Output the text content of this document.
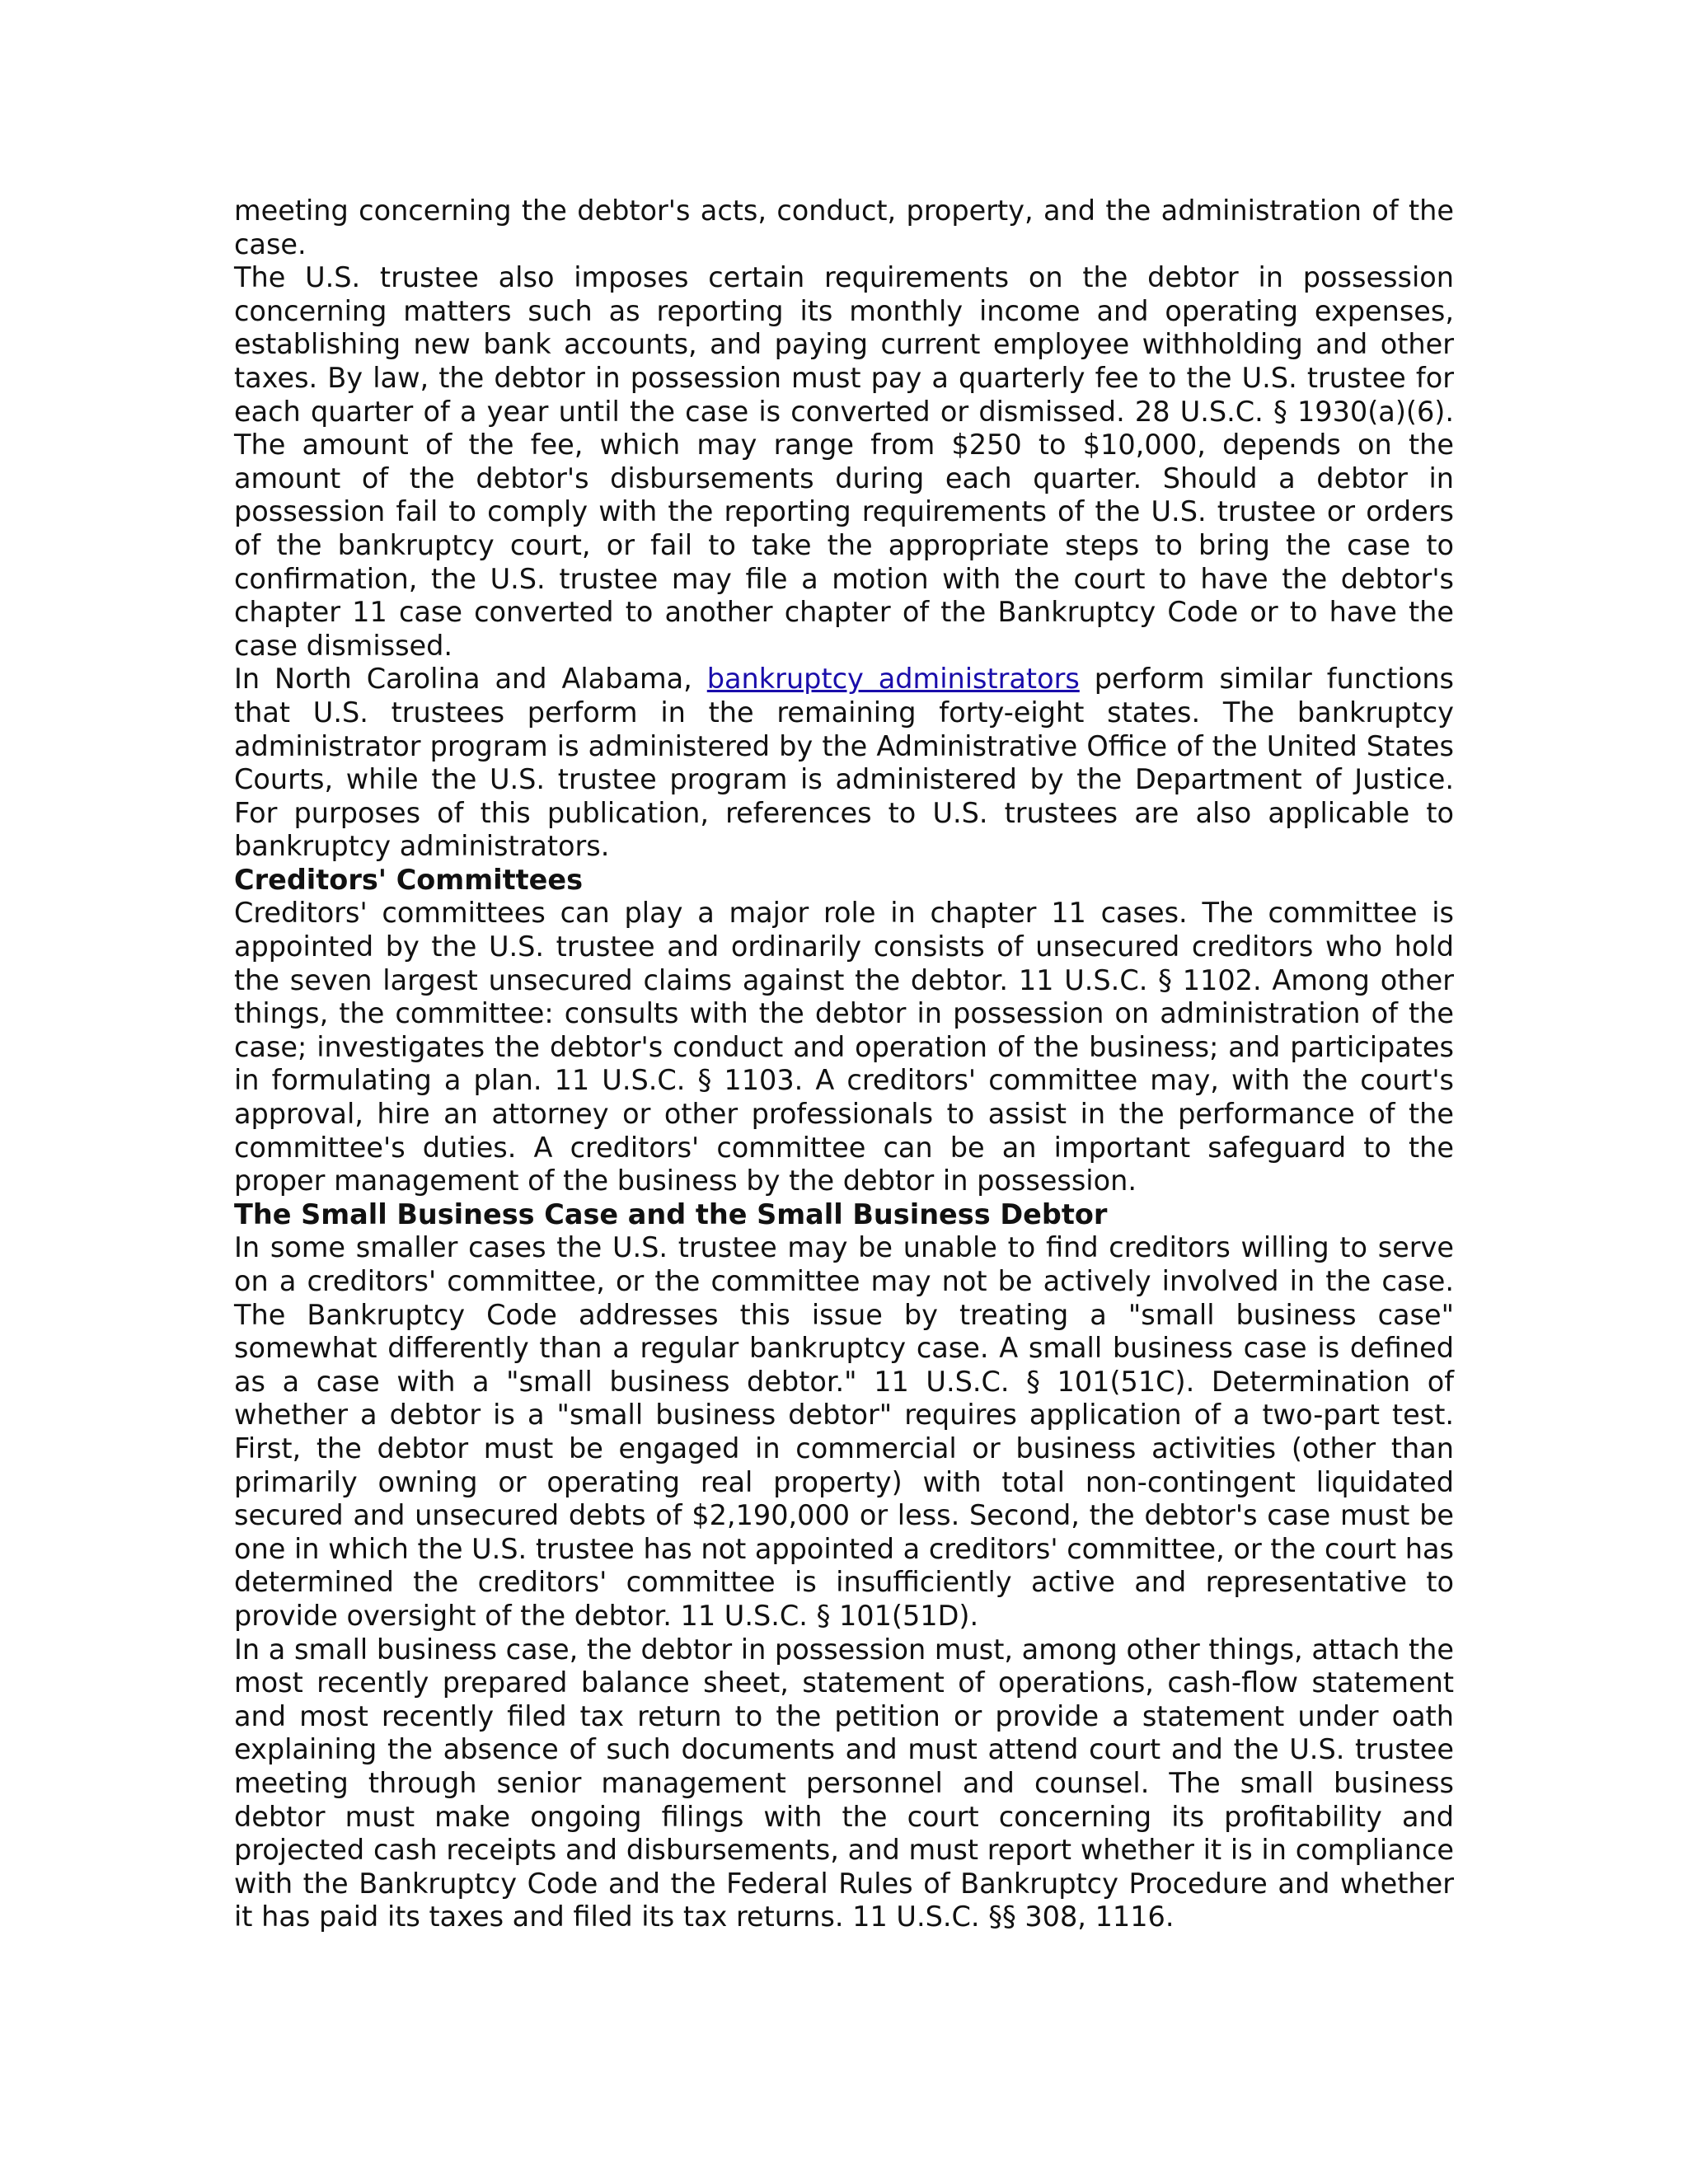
meeting concerning the debtor's acts, conduct, property, and the administration of the case.

The U.S. trustee also imposes certain requirements on the debtor in possession concerning matters such as reporting its monthly income and operating expenses, establishing new bank accounts, and paying current employee withholding and other taxes. By law, the debtor in possession must pay a quarterly fee to the U.S. trustee for each quarter of a year until the case is converted or dismissed. 28 U.S.C. § 1930(a)(6). The amount of the fee, which may range from $250 to $10,000, depends on the amount of the debtor's disbursements during each quarter. Should a debtor in possession fail to comply with the reporting requirements of the U.S. trustee or orders of the bankruptcy court, or fail to take the appropriate steps to bring the case to confirmation, the U.S. trustee may file a motion with the court to have the debtor's chapter 11 case converted to another chapter of the Bankruptcy Code or to have the case dismissed.

In North Carolina and Alabama, bankruptcy administrators perform similar functions that U.S. trustees perform in the remaining forty-eight states. The bankruptcy administrator program is administered by the Administrative Office of the United States Courts, while the U.S. trustee program is administered by the Department of Justice. For purposes of this publication, references to U.S. trustees are also applicable to bankruptcy administrators.

Creditors' Committees

Creditors' committees can play a major role in chapter 11 cases. The committee is appointed by the U.S. trustee and ordinarily consists of unsecured creditors who hold the seven largest unsecured claims against the debtor. 11 U.S.C. § 1102. Among other things, the committee: consults with the debtor in possession on administration of the case; investigates the debtor's conduct and operation of the business; and participates in formulating a plan. 11 U.S.C. § 1103. A creditors' committee may, with the court's approval, hire an attorney or other professionals to assist in the performance of the committee's duties. A creditors' committee can be an important safeguard to the proper management of the business by the debtor in possession.

The Small Business Case and the Small Business Debtor

In some smaller cases the U.S. trustee may be unable to find creditors willing to serve on a creditors' committee, or the committee may not be actively involved in the case. The Bankruptcy Code addresses this issue by treating a "small business case" somewhat differently than a regular bankruptcy case. A small business case is defined as a case with a "small business debtor." 11 U.S.C. § 101(51C). Determination of whether a debtor is a "small business debtor" requires application of a two-part test. First, the debtor must be engaged in commercial or business activities (other than primarily owning or operating real property) with total non-contingent liquidated secured and unsecured debts of $2,190,000 or less. Second, the debtor's case must be one in which the U.S. trustee has not appointed a creditors' committee, or the court has determined the creditors' committee is insufficiently active and representative to provide oversight of the debtor. 11 U.S.C. § 101(51D).

In a small business case, the debtor in possession must, among other things, attach the most recently prepared balance sheet, statement of operations, cash-flow statement and most recently filed tax return to the petition or provide a statement under oath explaining the absence of such documents and must attend court and the U.S. trustee meeting through senior management personnel and counsel. The small business debtor must make ongoing filings with the court concerning its profitability and projected cash receipts and disbursements, and must report whether it is in compliance with the Bankruptcy Code and the Federal Rules of Bankruptcy Procedure and whether it has paid its taxes and filed its tax returns. 11 U.S.C. §§ 308, 1116.
